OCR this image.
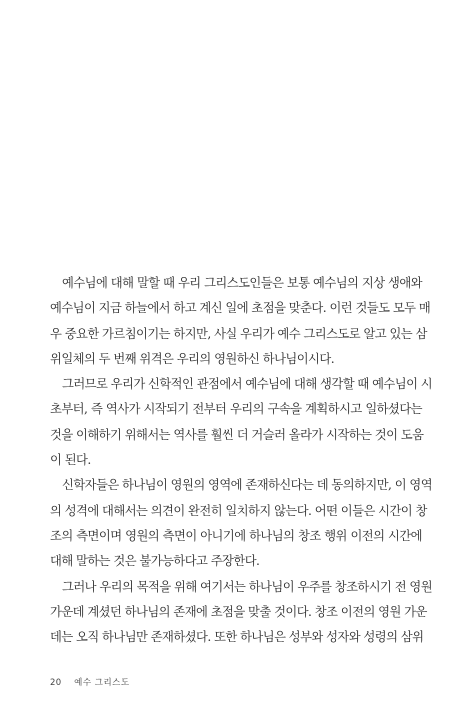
예수님에 대해 말할 때 우리 그리스도인들은 보통 예수님의 지상 생애와
예수님이 지금 하늘에서 하고 계신 일에 초점을 맞춘다. 이런 것들도 모두 매
우 중요한 가르침이기는 하지만, 사실 우리가 예수 그리스도로 알고 있는 삼
위일체의 두 번째 위격은 우리의 영원하신 하나님이시다.
그러므로 우리가 신학적인 관점에서 예수님에 대해 생각할 때 예수님이 시
초부터, 즉 역사가 시작되기 전부터 우리의 구속을 계획하시고 일하셨다는
것을 이해하기 위해서는 역사를 훨씬 더 거슬러 올라가 시작하는 것이 도움
이 된다.
신학자들은 하나님이 영원의 영역에 존재하신다는 데 동의하지만, 이 영역
의 성격에 대해서는 의견이 완전히 일치하지 않는다. 어떤 이들은 시간이 창
조의 측면이며 영원의 측면이 아니기에 하나님의 창조 행위 이전의 시간에
대해 말하는 것은 불가능하다고 주장한다.
그러나 우리의 목적을 위해 여기서는 하나님이 우주를 창조하시기 전 영원
가운데 계셨던 하나님의 존재에 초점을 맞출 것이다. 창조 이전의 영원 가운
데는 오직 하나님만 존재하셨다. 또한 하나님은 성부와 성자와 성령의 삼위
20 예수 그리스도
